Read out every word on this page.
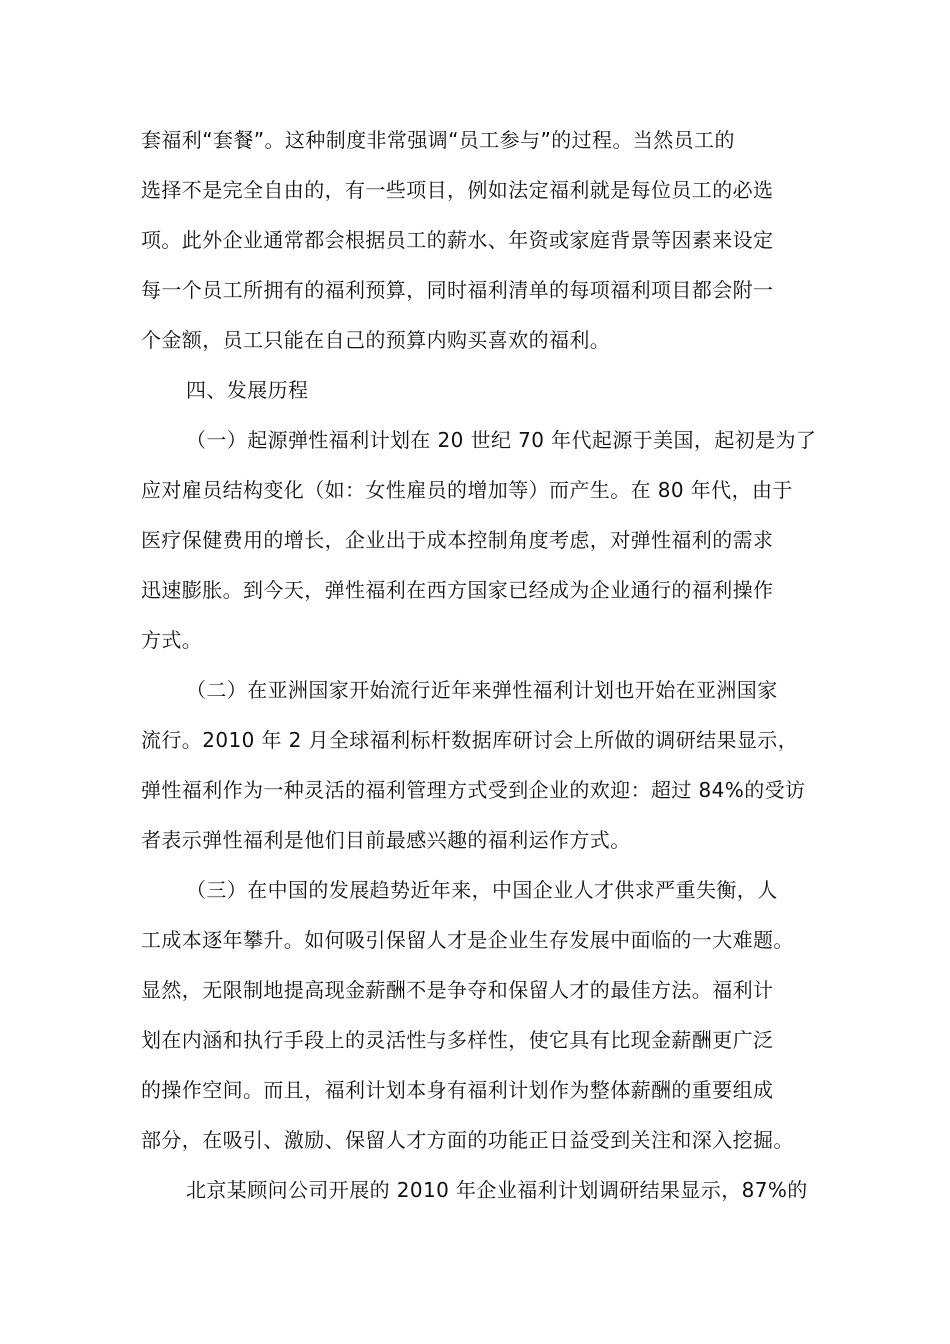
套福利“套餐”。这种制度非常强调“员工参与”的过程。当然员工的
选择不是完全自由的，有一些项目，例如法定福利就是每位员工的必选
项。此外企业通常都会根据员工的薪水、年资或家庭背景等因素来设定
每一个员工所拥有的福利预算，同时福利清单的每项福利项目都会附一
个金额，员工只能在自己的预算内购买喜欢的福利。
四、发展历程
（一）起源弹性福利计划在 20 世纪 70 年代起源于美国，起初是为了
应对雇员结构变化（如：女性雇员的增加等）而产生。在 80 年代，由于
医疗保健费用的增长，企业出于成本控制角度考虑，对弹性福利的需求
迅速膨胀。到今天，弹性福利在西方国家已经成为企业通行的福利操作
方式。
（二）在亚洲国家开始流行近年来弹性福利计划也开始在亚洲国家
流行。2010 年 2 月全球福利标杆数据库研讨会上所做的调研结果显示，
弹性福利作为一种灵活的福利管理方式受到企业的欢迎：超过 84%的受访
者表示弹性福利是他们目前最感兴趣的福利运作方式。
（三）在中国的发展趋势近年来，中国企业人才供求严重失衡，人
工成本逐年攀升。如何吸引保留人才是企业生存发展中面临的一大难题。
显然，无限制地提高现金薪酬不是争夺和保留人才的最佳方法。福利计
划在内涵和执行手段上的灵活性与多样性，使它具有比现金薪酬更广泛
的操作空间。而且，福利计划本身有福利计划作为整体薪酬的重要组成
部分，在吸引、激励、保留人才方面的功能正日益受到关注和深入挖掘。
北京某顾问公司开展的 2010 年企业福利计划调研结果显示，87%的
